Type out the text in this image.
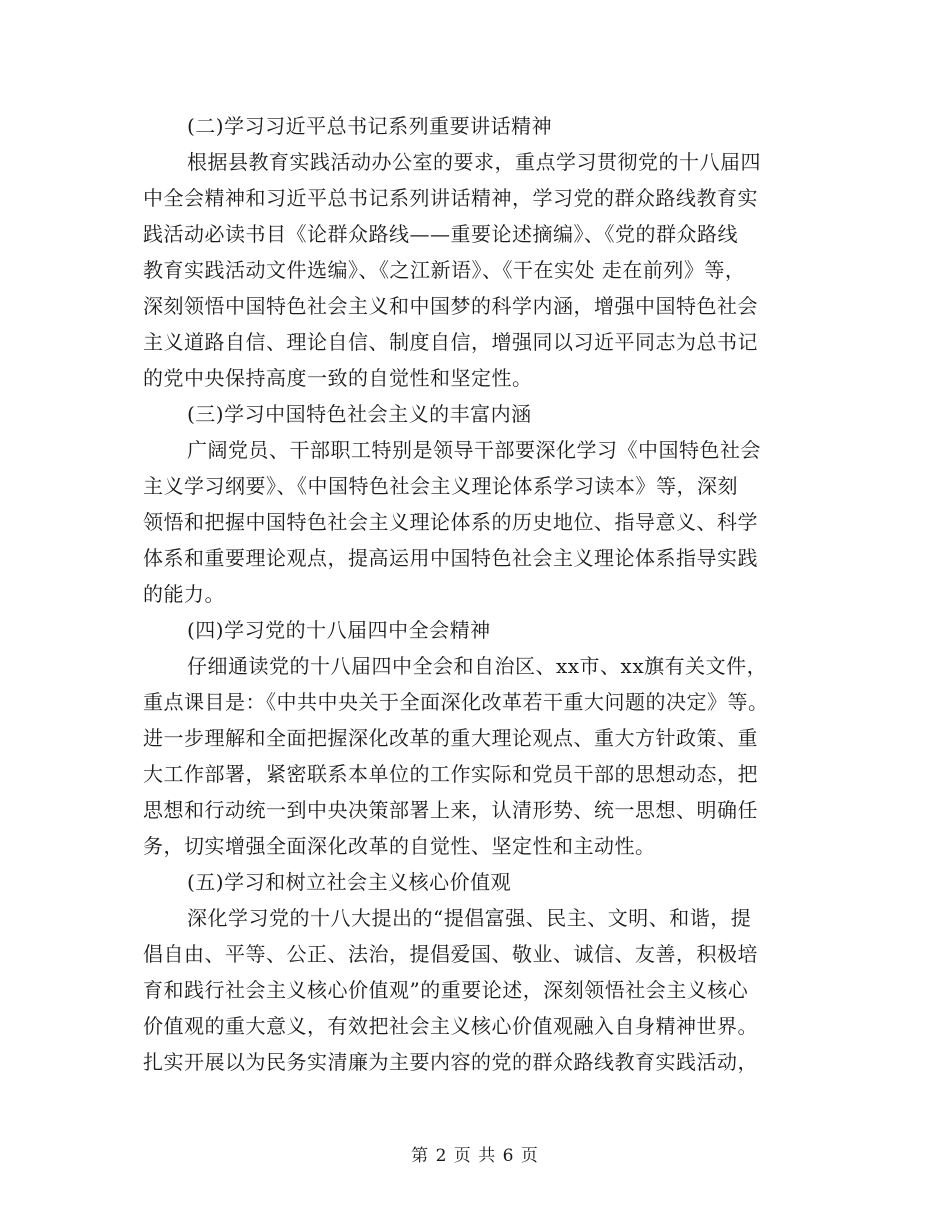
(二)学习习近平总书记系列重要讲话精神
根据县教育实践活动办公室的要求，重点学习贯彻党的十八届四
中全会精神和习近平总书记系列讲话精神，学习党的群众路线教育实
践活动必读书目《论群众路线——重要论述摘编》、《党的群众路线
教育实践活动文件选编》、《之江新语》、《干在实处 走在前列》等，
深刻领悟中国特色社会主义和中国梦的科学内涵，增强中国特色社会
主义道路自信、理论自信、制度自信，增强同以习近平同志为总书记
的党中央保持高度一致的自觉性和坚定性。
(三)学习中国特色社会主义的丰富内涵
广阔党员、干部职工特别是领导干部要深化学习《中国特色社会
主义学习纲要》、《中国特色社会主义理论体系学习读本》等，深刻
领悟和把握中国特色社会主义理论体系的历史地位、指导意义、科学
体系和重要理论观点，提高运用中国特色社会主义理论体系指导实践
的能力。
(四)学习党的十八届四中全会精神
仔细通读党的十八届四中全会和自治区、xx市、xx旗有关文件，
重点课目是：《中共中央关于全面深化改革若干重大问题的决定》等。
进一步理解和全面把握深化改革的重大理论观点、重大方针政策、重
大工作部署，紧密联系本单位的工作实际和党员干部的思想动态，把
思想和行动统一到中央决策部署上来，认清形势、统一思想、明确任
务，切实增强全面深化改革的自觉性、坚定性和主动性。
(五)学习和树立社会主义核心价值观
深化学习党的十八大提出的“提倡富强、民主、文明、和谐，提
倡自由、平等、公正、法治，提倡爱国、敬业、诚信、友善，积极培
育和践行社会主义核心价值观”的重要论述，深刻领悟社会主义核心
价值观的重大意义，有效把社会主义核心价值观融入自身精神世界。
扎实开展以为民务实清廉为主要内容的党的群众路线教育实践活动，
第 2 页 共 6 页
